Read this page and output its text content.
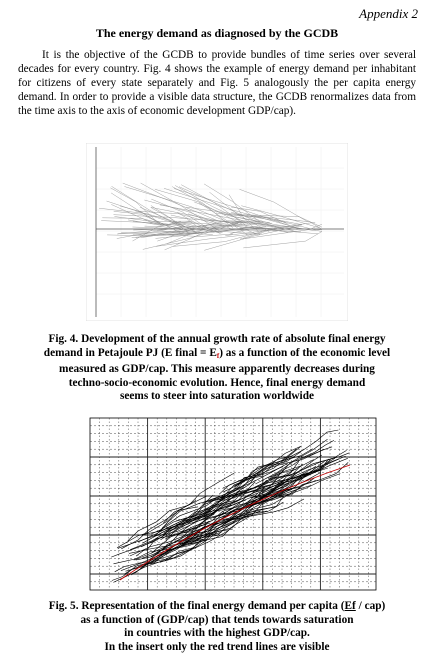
Appendix 2
The energy demand as diagnosed by the GCDB
It is the objective of the GCDB to provide bundles of time series over several decades for every country. Fig. 4 shows the example of energy demand per inhabitant for citizens of every state separately and Fig. 5 analogously the per capita energy demand. In order to provide a visible data structure, the GCDB renormalizes data from the time axis to the axis of economic development GDP/cap).
Fig. 4. Development of the annual growth rate of absolute final energy
demand in Petajoule PJ (E final = $E_f$) as a function of the economic level
measured as GDP/cap. This measure apparently decreases during
techno-socio-economic evolution. Hence, final energy demand
seems to steer into saturation worldwide
Fig. 5. Representation of the final energy demand per capita (Ef / cap)
as a function of (GDP/cap) that tends towards saturation
in countries with the highest GDP/cap.
In the insert only the red trend lines are visible
